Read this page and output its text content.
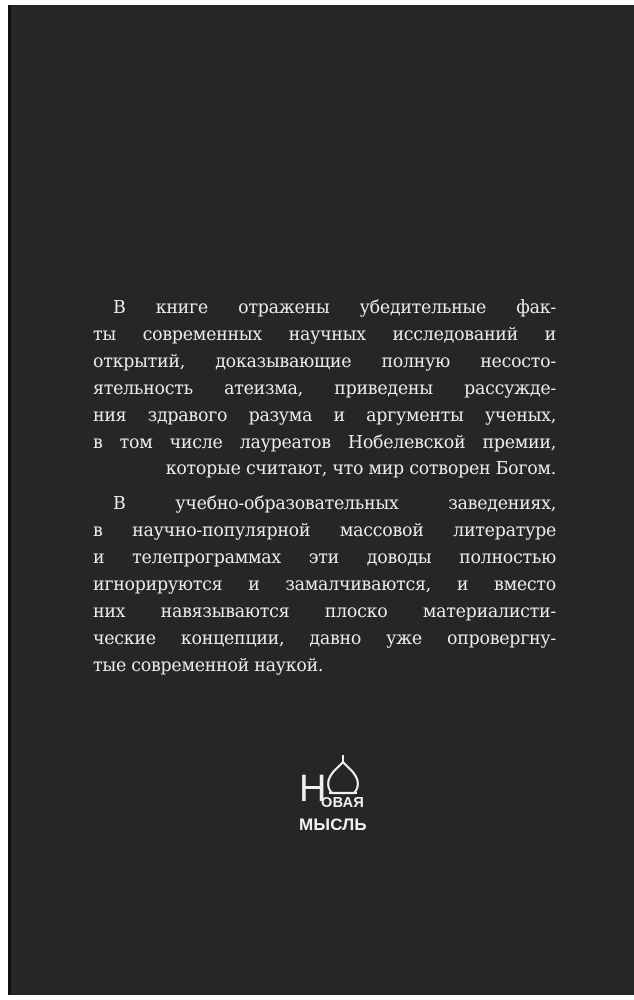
В книге отражены убедительные фак-
ты современных научных исследований и
открытий, доказывающие полную несосто-
ятельность атеизма, приведены рассужде-
ния здравого разума и аргументы ученых,
в том числе лауреатов Нобелевской премии,
которые считают, что мир сотворен Богом.
В учебно-образовательных заведениях,
в научно-популярной массовой литературе
и телепрограммах эти доводы полностью
игнорируются и замалчиваются, и вместо
них навязываются плоско материалисти-
ческие концепции, давно уже опровергну-
тые современной наукой.
Н
ОВАЯ
МЫСЛЬ
